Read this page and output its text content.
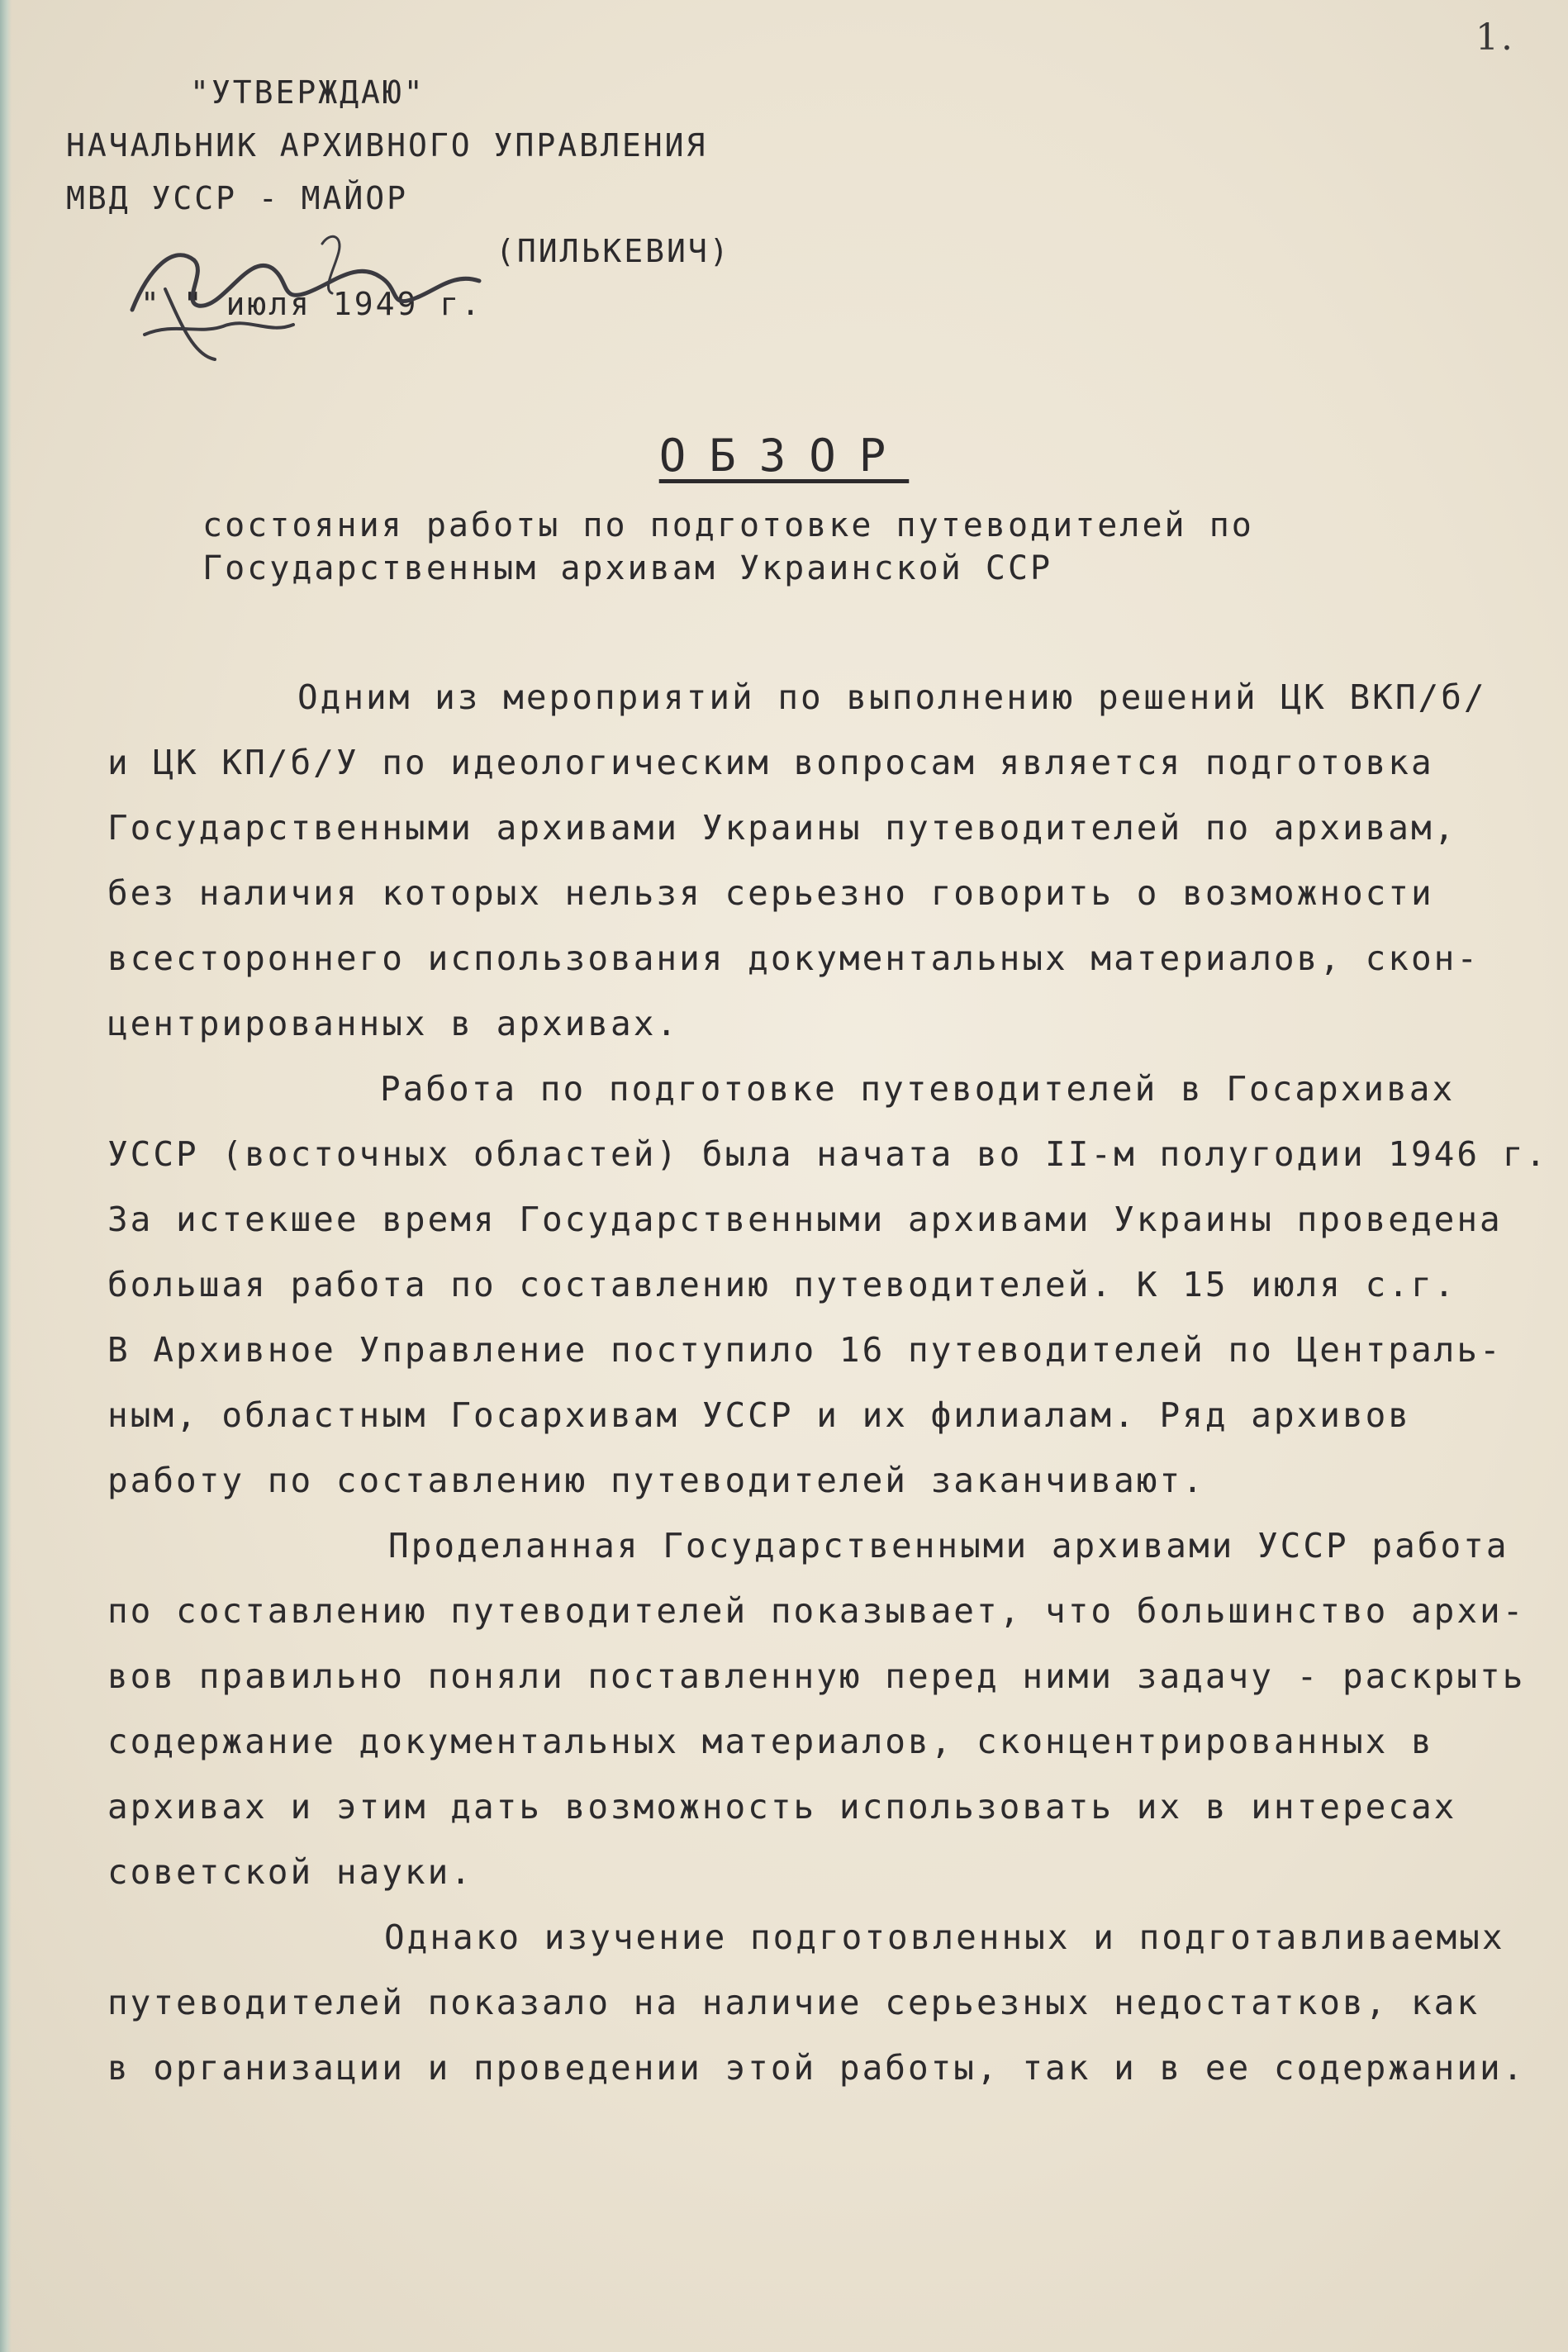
1.
"УТВЕРЖДАЮ"
НАЧАЛЬНИК АРХИВНОГО УПРАВЛЕНИЯ
МВД УССР - МАЙОР
(ПИЛЬКЕВИЧ)
" " июля 1949 г.
ОБЗОР
состояния работы по подготовке путеводителей по
Государственным архивам Украинской ССР
Одним из мероприятий по выполнению решений ЦК ВКП/б/
и ЦК КП/б/У по идеологическим вопросам является подготовка
Государственными архивами Украины путеводителей по архивам,
без наличия которых нельзя серьезно говорить о возможности
всестороннего использования документальных материалов, скон-
центрированных в архивах.
Работа по подготовке путеводителей в Госархивах
УССР (восточных областей) была начата во II-м полугодии 1946 г.
За истекшее время Государственными архивами Украины проведена
большая работа по составлению путеводителей. К 15 июля с.г.
В Архивное Управление поступило 16 путеводителей по Централь-
ным, областным Госархивам УССР и их филиалам. Ряд архивов
работу по составлению путеводителей заканчивают.
Проделанная Государственными архивами УССР работа
по составлению путеводителей показывает, что большинство архи-
вов правильно поняли поставленную перед ними задачу - раскрыть
содержание документальных материалов, сконцентрированных в
архивах и этим дать возможность использовать их в интересах
советской науки.
Однако изучение подготовленных и подготавливаемых
путеводителей показало на наличие серьезных недостатков, как
в организации и проведении этой работы, так и в ее содержании.
